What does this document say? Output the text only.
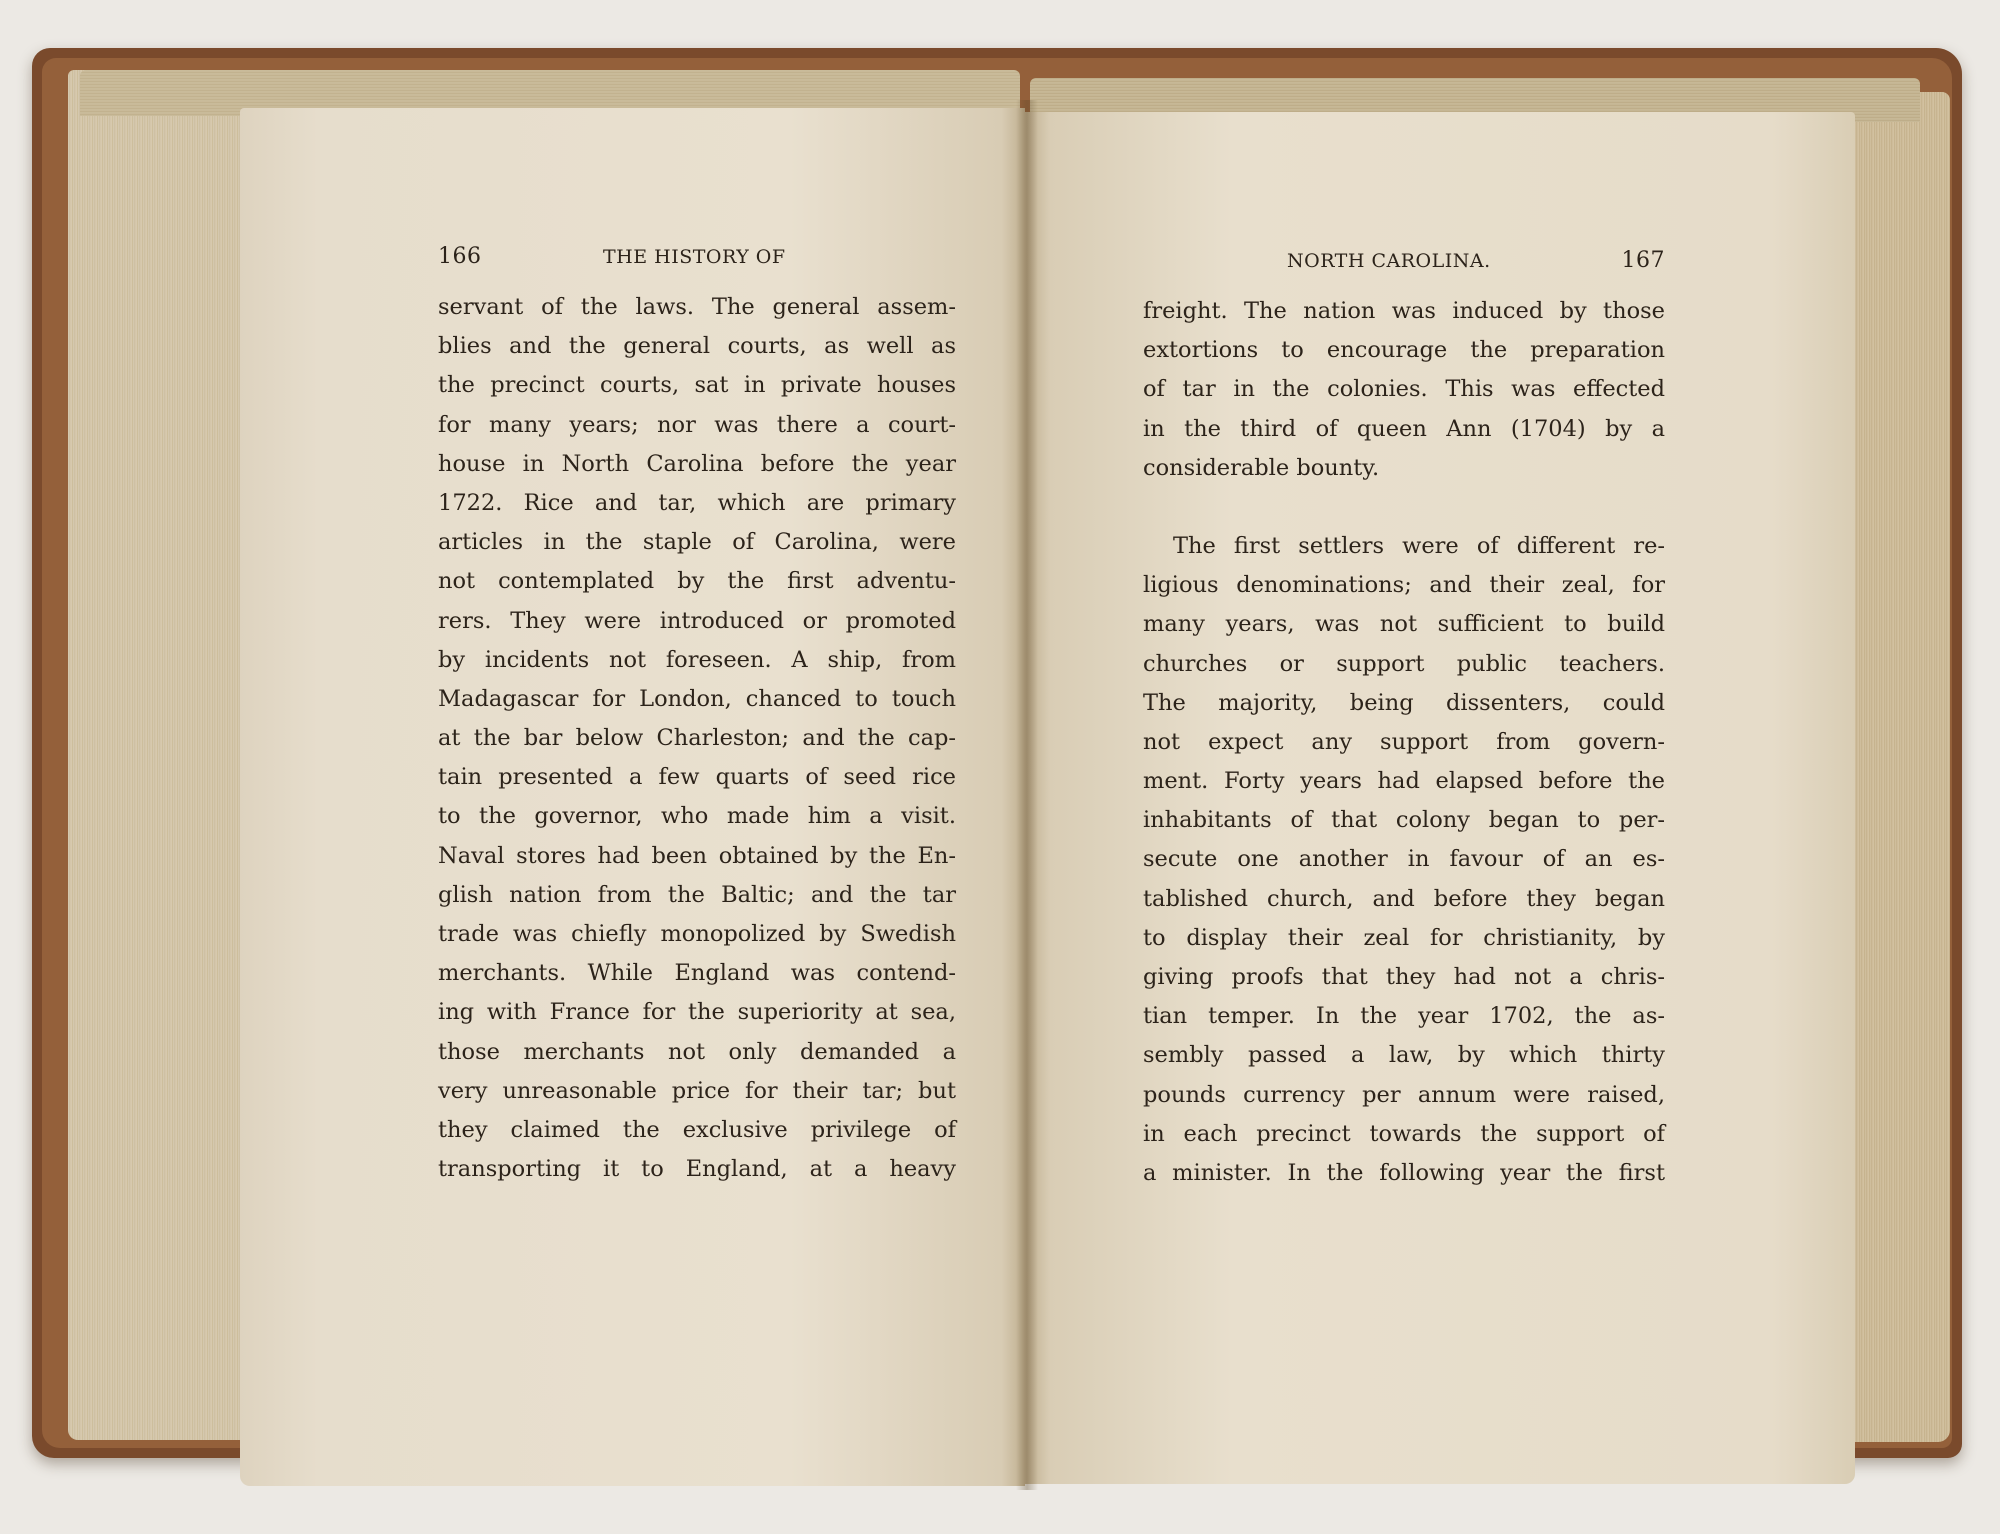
166	THE HISTORY OF
servant of the laws. The general assem-
blies and the general courts, as well as
the precinct courts, sat in private houses
for many years; nor was there a court-
house in North Carolina before the year
1722. Rice and tar, which are primary
articles in the staple of Carolina, were
not contemplated by the first adventu-
rers. They were introduced or promoted
by incidents not foreseen. A ship, from
Madagascar for London, chanced to touch
at the bar below Charleston; and the cap-
tain presented a few quarts of seed rice
to the governor, who made him a visit.
Naval stores had been obtained by the En-
glish nation from the Baltic; and the tar
trade was chiefly monopolized by Swedish
merchants. While England was contend-
ing with France for the superiority at sea,
those merchants not only demanded a
very unreasonable price for their tar; but
they claimed the exclusive privilege of
transporting it to England, at a heavy
NORTH CAROLINA.	167
freight. The nation was induced by those
extortions to encourage the preparation
of tar in the colonies. This was effected
in the third of queen Ann (1704) by a
considerable bounty.
The first settlers were of different re-
ligious denominations; and their zeal, for
many years, was not sufficient to build
churches or support public teachers.
The majority, being dissenters, could
not expect any support from govern-
ment. Forty years had elapsed before the
inhabitants of that colony began to per-
secute one another in favour of an es-
tablished church, and before they began
to display their zeal for christianity, by
giving proofs that they had not a chris-
tian temper. In the year 1702, the as-
sembly passed a law, by which thirty
pounds currency per annum were raised,
in each precinct towards the support of
a minister. In the following year the first
